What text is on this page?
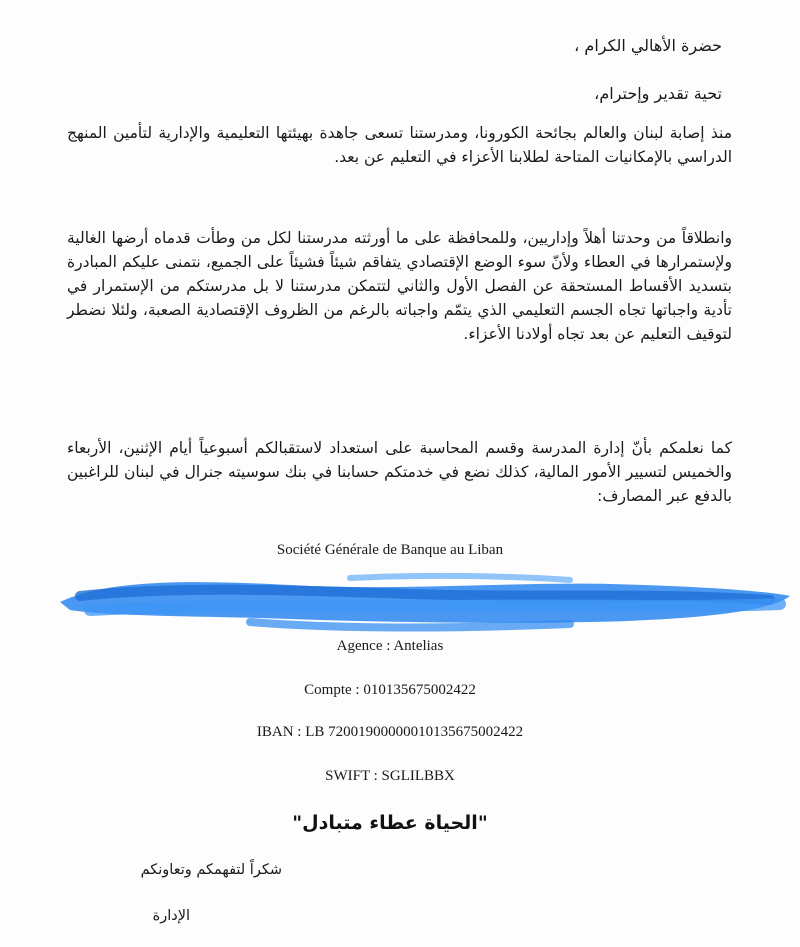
حضرة الأهالي الكرام ،
تحية تقدير وإحترام،
منذ إصابة لبنان والعالم بجائحة الكورونا، ومدرستنا تسعى جاهدة بهيئتها التعليمية والإدارية لتأمين المنهج الدراسي بالإمكانيات المتاحة لطلابنا الأعزاء في التعليم عن بعد.
وانطلاقاً من وحدتنا أهلاً وإداريين، وللمحافظة على ما أورثته مدرستنا لكل من وطأت قدماه أرضها الغالية ولإستمرارها في العطاء ولأنّ سوء الوضع الإقتصادي يتفاقم شيئاً فشيئاً على الجميع، نتمنى عليكم المبادرة بتسديد الأقساط المستحقة عن الفصل الأول والثاني لتتمكن مدرستنا لا بل مدرستكم من الإستمرار في تأدية واجباتها تجاه الجسم التعليمي الذي يتمّم واجباته بالرغم من الظروف الإقتصادية الصعبة، ولئلا نضطر لتوقيف التعليم عن بعد تجاه أولادنا الأعزاء.
كما نعلمكم بأنّ إدارة المدرسة وقسم المحاسبة على استعداد لاستقبالكم أسبوعياً أيام الإثنين، الأربعاء والخميس لتسيير الأمور المالية، كذلك نضع في خدمتكم حسابنا في بنك سوسيته جنرال في لبنان للراغبين بالدفع عبر المصارف:
Société Générale de Banque au Liban
Agence : Antelias
Compte : 010135675002422
IBAN : LB 72001900000010135675002422
SWIFT : SGLILBBX
"الحياة عطاء متبادل"
شكراً لتفهمكم وتعاونكم
الإدارة
